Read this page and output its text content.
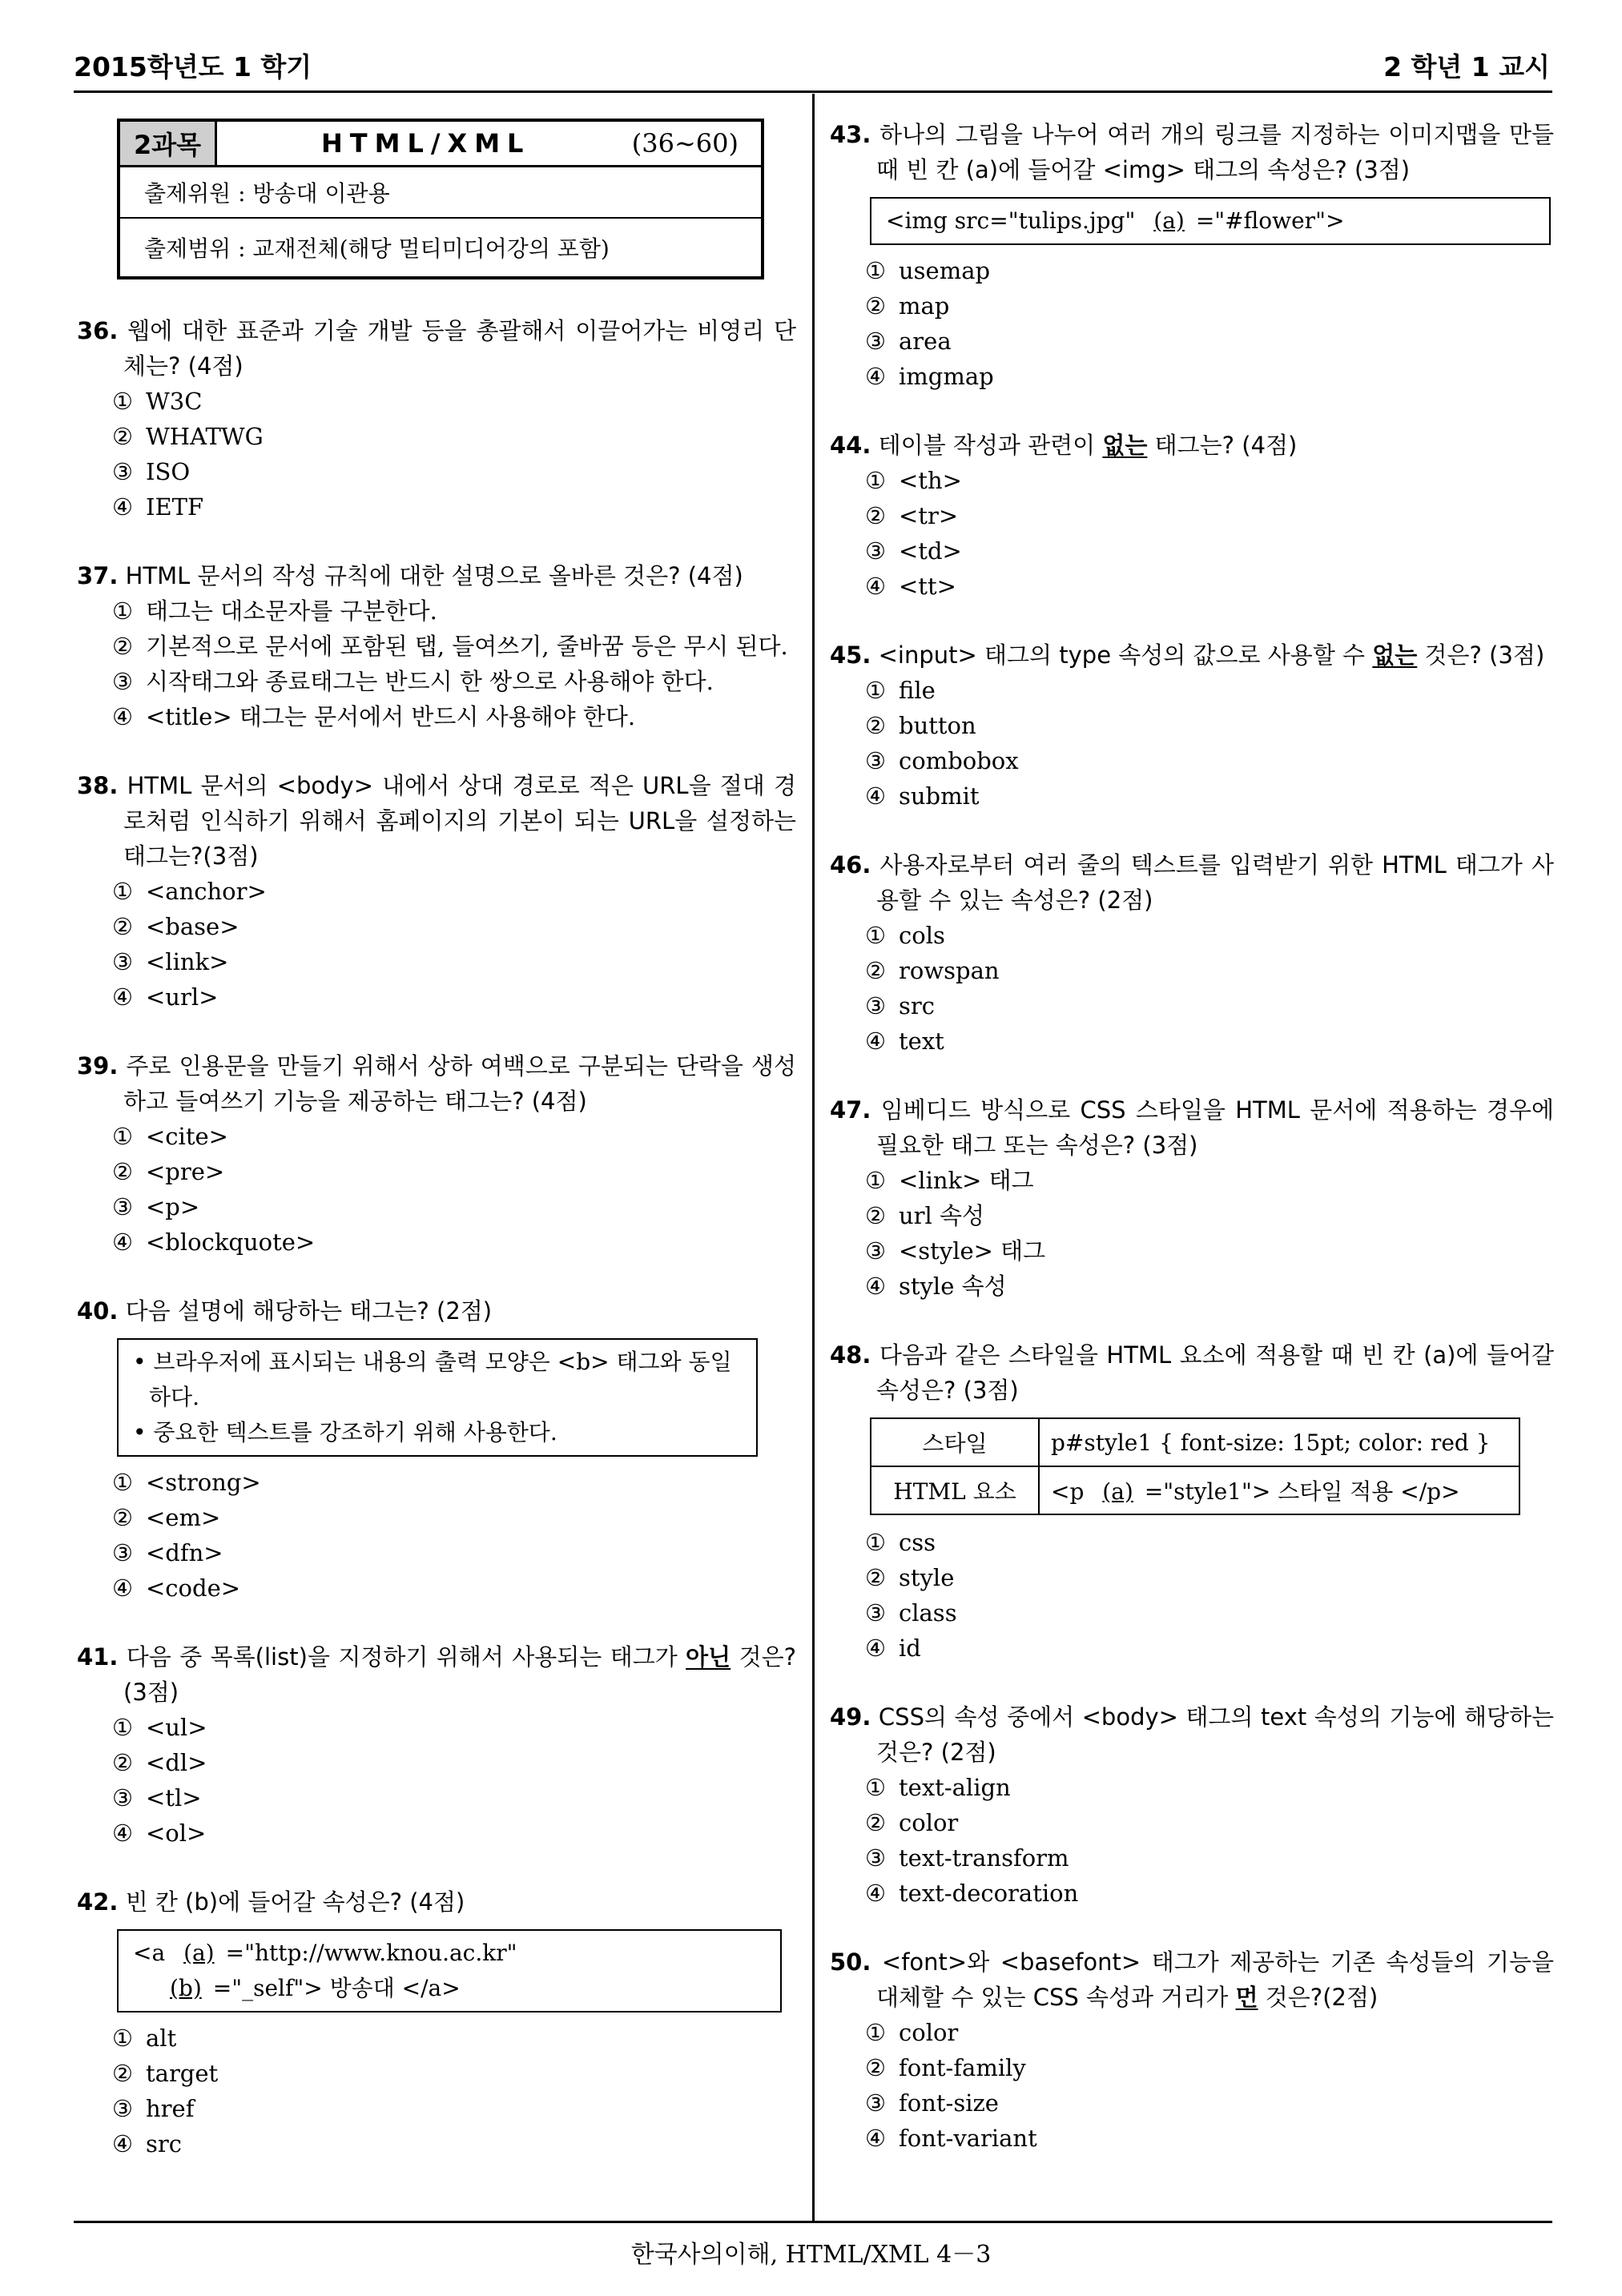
2015학년도 1 학기	2 학년 1 교시
2과목	HTML/XML	(36∼60)
출제위원 : 방송대 이관용
출제범위 : 교재전체(해당 멀티미디어강의 포함)
36. 웹에 대한 표준과 기술 개발 등을 총괄해서 이끌어가는 비영리 단체는? (4점)
① W3C
② WHATWG
③ ISO
④ IETF
37. HTML 문서의 작성 규칙에 대한 설명으로 올바른 것은? (4점)
① 태그는 대소문자를 구분한다.
② 기본적으로 문서에 포함된 탭, 들여쓰기, 줄바꿈 등은 무시 된다.
③ 시작태그와 종료태그는 반드시 한 쌍으로 사용해야 한다.
④ <title> 태그는 문서에서 반드시 사용해야 한다.
38. HTML 문서의 <body> 내에서 상대 경로로 적은 URL을 절대 경로처럼 인식하기 위해서 홈페이지의 기본이 되는 URL을 설정하는 태그는?(3점)
① <anchor>
② <base>
③ <link>
④ <url>
39. 주로 인용문을 만들기 위해서 상하 여백으로 구분되는 단락을 생성하고 들여쓰기 기능을 제공하는 태그는? (4점)
① <cite>
② <pre>
③ <p>
④ <blockquote>
40. 다음 설명에 해당하는 태그는? (2점)
• 브라우저에 표시되는 내용의 출력 모양은 <b> 태그와 동일하다.
• 중요한 텍스트를 강조하기 위해 사용한다.
① <strong>
② <em>
③ <dfn>
④ <code>
41. 다음 중 목록(list)을 지정하기 위해서 사용되는 태그가 아닌 것은? (3점)
① <ul>
② <dl>
③ <tl>
④ <ol>
42. 빈 칸 (b)에 들어갈 속성은? (4점)
<a (a) ="http://www.knou.ac.kr"
(b) ="_self"> 방송대 </a>
① alt
② target
③ href
④ src
43. 하나의 그림을 나누어 여러 개의 링크를 지정하는 이미지맵을 만들 때 빈 칸 (a)에 들어갈 <img> 태그의 속성은? (3점)
<img src="tulips.jpg" (a) ="#flower">
① usemap
② map
③ area
④ imgmap
44. 테이블 작성과 관련이 없는 태그는? (4점)
① <th>
② <tr>
③ <td>
④ <tt>
45. <input> 태그의 type 속성의 값으로 사용할 수 없는 것은? (3점)
① file
② button
③ combobox
④ submit
46. 사용자로부터 여러 줄의 텍스트를 입력받기 위한 HTML 태그가 사용할 수 있는 속성은? (2점)
① cols
② rowspan
③ src
④ text
47. 임베디드 방식으로 CSS 스타일을 HTML 문서에 적용하는 경우에 필요한 태그 또는 속성은? (3점)
① <link> 태그
② url 속성
③ <style> 태그
④ style 속성
48. 다음과 같은 스타일을 HTML 요소에 적용할 때 빈 칸 (a)에 들어갈 속성은? (3점)
스타일	p#style1 { font-size: 15pt; color: red }
HTML 요소	<p (a) ="style1"> 스타일 적용 </p>
① css
② style
③ class
④ id
49. CSS의 속성 중에서 <body> 태그의 text 속성의 기능에 해당하는 것은? (2점)
① text-align
② color
③ text-transform
④ text-decoration
50. <font>와 <basefont> 태그가 제공하는 기존 속성들의 기능을 대체할 수 있는 CSS 속성과 거리가 먼 것은?(2점)
① color
② font-family
③ font-size
④ font-variant
한국사의이해, HTML/XML 4－3
